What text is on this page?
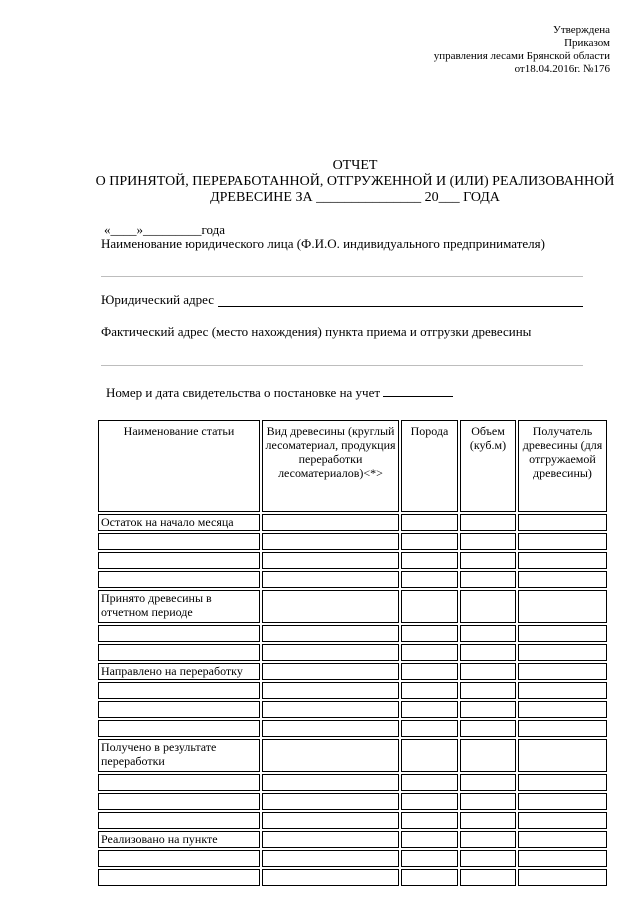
Утверждена
Приказом
управления лесами Брянской области
от18.04.2016г. №176
ОТЧЕТ
О ПРИНЯТОЙ, ПЕРЕРАБОТАННОЙ, ОТГРУЖЕННОЙ И (ИЛИ) РЕАЛИЗОВАННОЙ
ДРЕВЕСИНЕ ЗА _______________ 20___ ГОДА
«____»_________года
Наименование юридического лица (Ф.И.О. индивидуального предпринимателя)
Юридический адрес
Фактический адрес (место нахождения) пункта приема и отгрузки древесины
Номер и дата свидетельства о постановке на учет
Наименование статьи	Вид древесины (круглый лесоматериал, продукция переработки лесоматериалов)<*>	Порода	Объем (куб.м)	Получатель древесины (для отгружаемой древесины)
Остаток на начало месяца				

Принято древесины в отчетном периоде				

Направлено на переработку				

Получено в результате переработки				

Реализовано на пункте				
